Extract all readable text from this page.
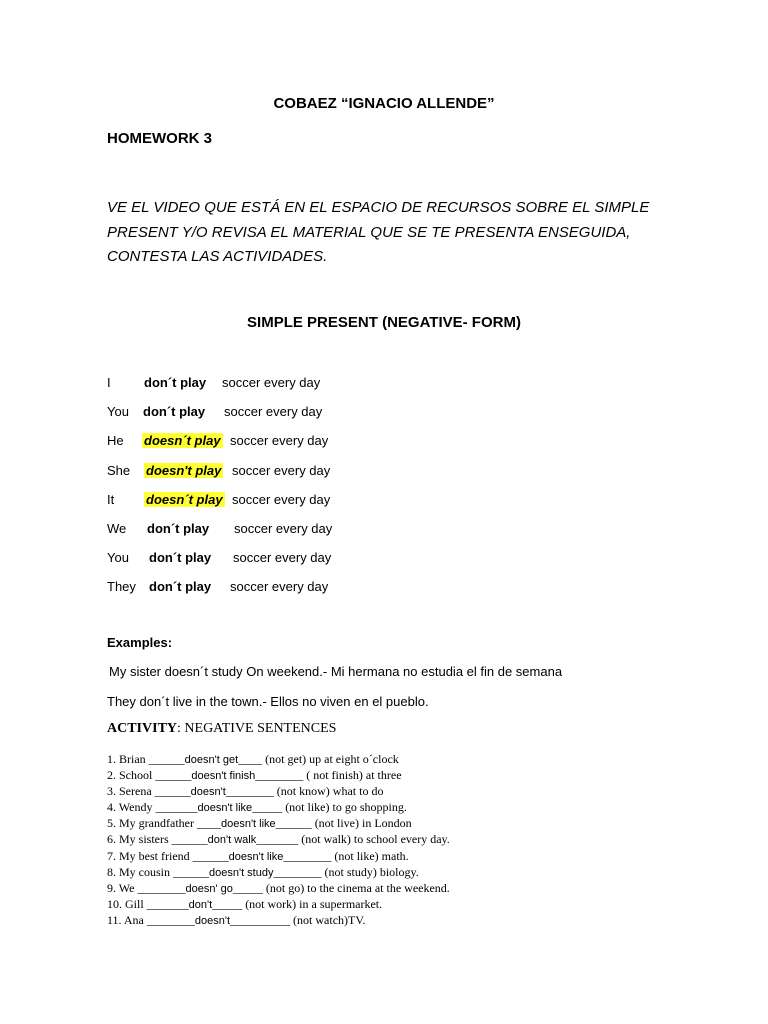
COBAEZ “IGNACIO ALLENDE”
HOMEWORK 3
VE EL VIDEO QUE ESTÁ EN EL ESPACIO DE RECURSOS SOBRE EL SIMPLE
PRESENT Y/O REVISA EL MATERIAL QUE SE TE PRESENTA ENSEGUIDA,
CONTESTA LAS ACTIVIDADES.
SIMPLE PRESENT (NEGATIVE- FORM)
I	don´t play soccer every day
You don´t play soccer every day
He doesn´t play soccer every day
She doesn't play soccer every day
It doesn´t play soccer every day
We don´t play soccer every day
You don´t play soccer every day
They don´t play soccer every day
Examples:
My sister doesn´t study On weekend.- Mi hermana no estudia el fin de semana
They don´t live in the town.- Ellos no viven en el pueblo.
ACTIVITY: NEGATIVE SENTENCES
1. Brian ______doesn't get____ (not get) up at eight o´clock
2. School ______doesn't finish________ ( not finish) at three
3. Serena ______doesn't________ (not know) what to do
4. Wendy _______doesn't like_____ (not like) to go shopping.
5. My grandfather ____doesn't like______ (not live) in London
6. My sisters ______don't walk_______ (not walk) to school every day.
7. My best friend ______doesn't like________ (not like) math.
8. My cousin ______doesn't study________ (not study) biology.
9. We ________doesn' go_____ (not go) to the cinema at the weekend.
10. Gill _______don't_____ (not work) in a supermarket.
11. Ana ________doesn't__________ (not watch)TV.
